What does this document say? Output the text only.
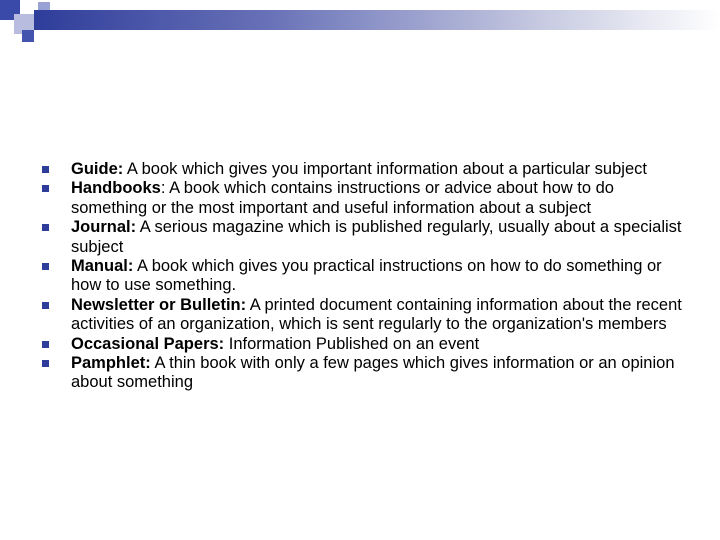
Guide: A book which gives you important information about a particular subject
Handbooks: A book which contains instructions or advice about how to do something or the most important and useful information about a subject
Journal: A serious magazine which is published regularly, usually about a specialist subject
Manual: A book which gives you practical instructions on how to do something or how to use something.
Newsletter or Bulletin: A printed document containing information about the recent activities of an organization, which is sent regularly to the organization's members
Occasional Papers: Information Published on an event
Pamphlet: A thin book with only a few pages which gives information or an opinion about something
